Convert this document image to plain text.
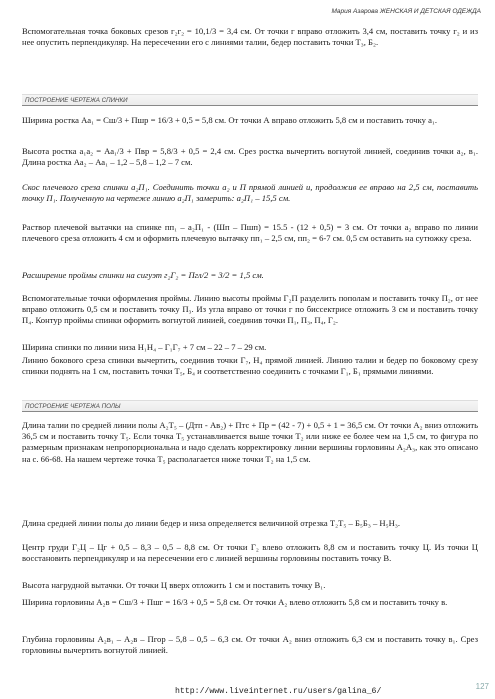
Мария Азарова ЖЕНСКАЯ И ДЕТСКАЯ ОДЕЖДА

Вспомогательная точка боковых срезов г₂г₂ = 10,1/3 = 3,4 см. От точки г вправо отложить 3,4 см, поставить точку г₂ и из нее опустить перпендикуляр. На пересечении его с линиями талии, бедер поставить точки Т₃, Б₂.

ПОСТРОЕНИЕ ЧЕРТЕЖА СПИНКИ

Ширина ростка Аа₁ = Сш/3 + Пшр = 16/3 + 0,5 = 5,8 см. От точки А вправо отложить 5,8 см и поставить точку а₁.

Высота ростка а₁а₂ = Аа₁/3 + Пвр = 5,8/3 + 0,5 = 2,4 см. Срез ростка вычертить вогнутой линией, соединив точки а₂, в₁. Длина ростка Аа₂ – Аа₁ – 1,2 – 5,8 – 1,2 – 7 см.

Скос плечевого среза спинки а₂П₁. Соединить точки а₂ и П прямой линией и, продолжив ее вправо на 2,5 см, поставить точку П₁. Полученную на чертеже линию а₂П₁ замерить: а₂П₁ – 15,5 см.

Раствор плечевой вытачки на спинке пп₁ – а₂П₁ - (Шп – Пшп) = 15.5 - (12 + 0,5) = 3 см. От точки а₂ вправо по линии плечевого среза отложить 4 см и оформить плечевую вытачку пп₁ – 2,5 см, пп₂ = 6-7 см. 0,5 см оставить на сутюжку среза.

Расширение проймы спинки на сигуэт г₂Г₂ = Пгл/2 = 3/2 = 1,5 см.

Вспомогательные точки оформления проймы. Линию высоты проймы Г₂П разделить пополам и поставить точку П₂, от нее вправо отложить 0,5 см и поставить точку П₃. Из угла вправо от точки г по биссектрисе отложить 3 см и поставить точку П₄. Контур проймы спинки оформить вогнутой линией, соединив точки П₁, П₃, П₄, Г₂.

Ширина спинки по линии низа Н₁Н₄ – Г₁Г₇ + 7 см – 22 – 7 – 29 см.

Линию бокового среза спинки вычертить, соединив точки Г₇, Н₄ прямой линией. Линию талии и бедер по боковому срезу спинки поднять на 1 см, поставить точки Т₅, Б₄ и соответственно соединить с точками Г₁, Б₁ прямыми линиями.

ПОСТРОЕНИЕ ЧЕРТЕЖА ПОЛЫ

Длина талии по средней линии полы А₂Т₅ – (Дтп - Ав₂) + Птс + Пр = (42 - 7) + 0,5 + 1 = 36,5 см. От точки А₂ вниз отложить 36,5 см и поставить точку Т₅. Если точка Т₅ устанавливается выше точки Т₂ или ниже ее более чем на 1,5 см, то фигура по размерным признакам непропорциональна и надо сделать корректировку линии вершины горловины А₂А₃, как это описано на с. 66-68. На нашем чертеже точка Т₅ располагается ниже точки Т₂ на 1,5 см.

Длина средней линии полы до линии бедер и низа определяется величиной отрезка Т₂Т₅ – Б₅Б₃ – Н₅Н₃.

Центр груди Г₂Ц – Цг + 0,5 – 8,3 – 0,5 – 8,8 см. От точки Г₂ влево отложить 8,8 см и поставить точку Ц. Из точки Ц восстановить перпендикуляр и на пересечении его с линией вершины горловины поставить точку В.

Высота нагрудной вытачки. От точки Ц вверх отложить 1 см и поставить точку В₁.

Ширина горловины А₂в = Сш/3 + Пшг = 16/3 + 0,5 = 5,8 см. От точки А₂ влево отложить 5,8 см и поставить точку в.

Глубина горловины А₂в₁ – А₂в – Пгор – 5,8 – 0,5 – 6,3 см. От точки А₂ вниз отложить 6,3 см и поставить точку в₁. Срез горловины вычертить вогнутой линией.

127
http://www.liveinternet.ru/users/galina_6/
